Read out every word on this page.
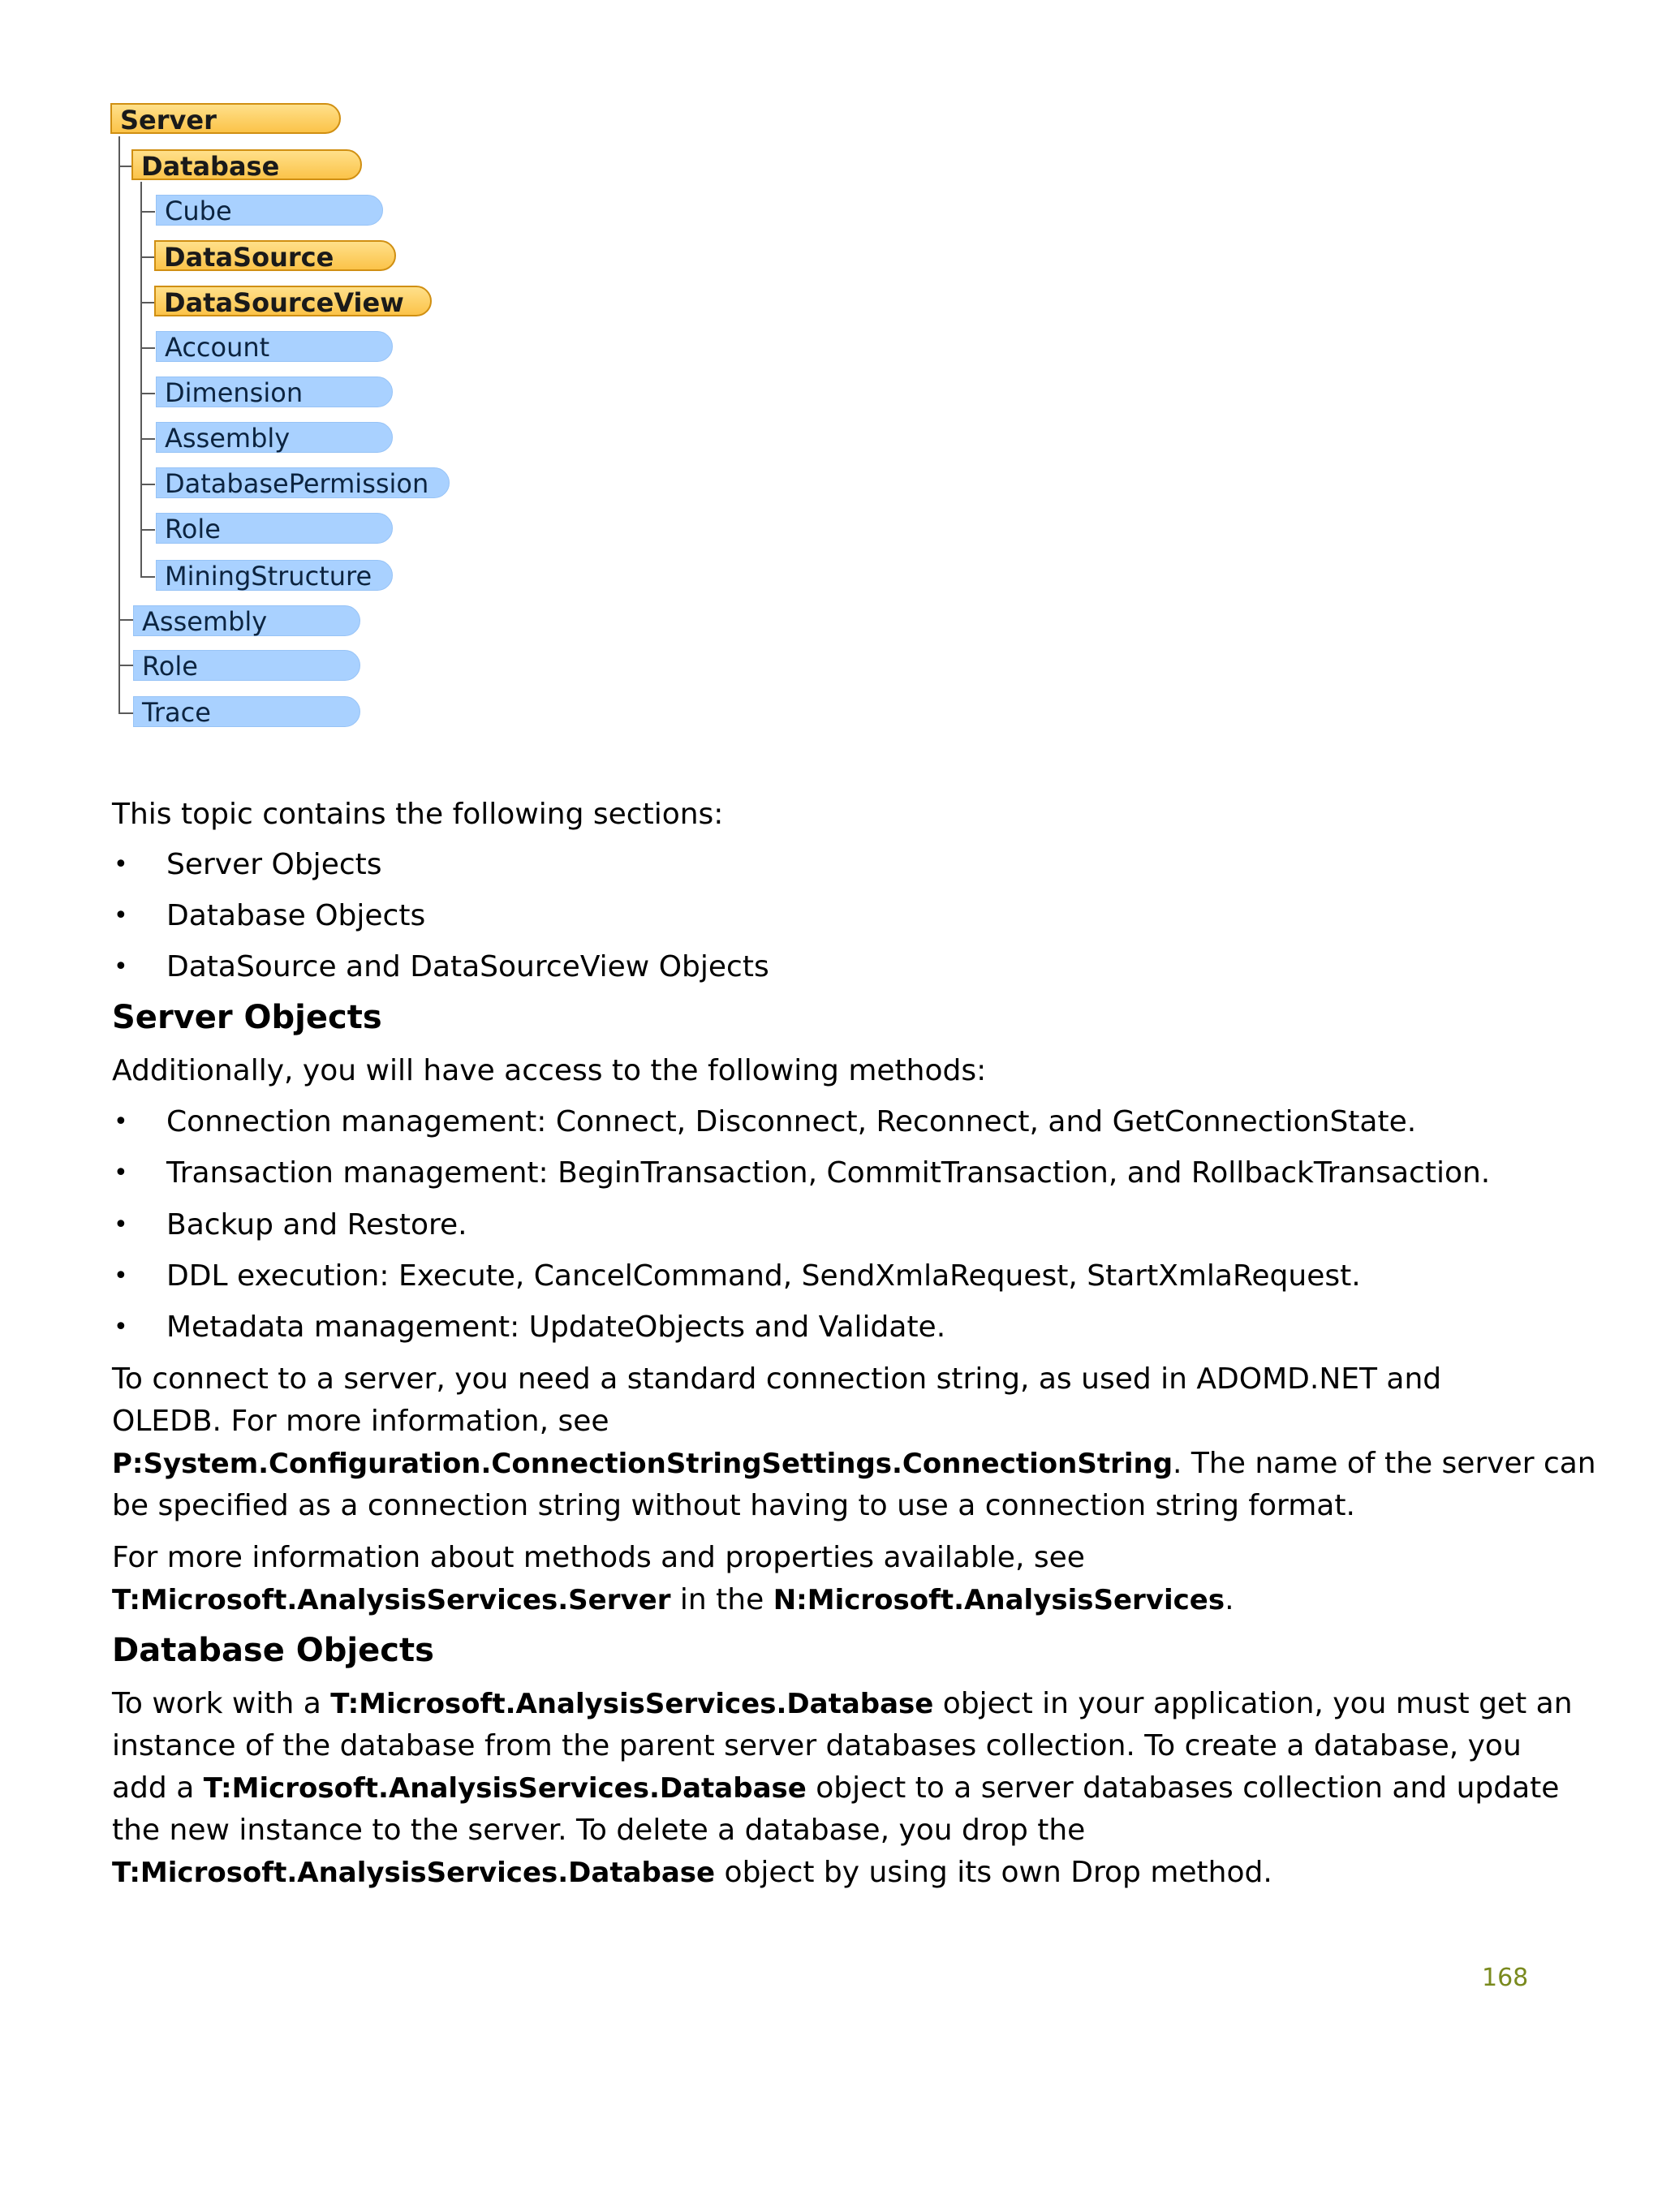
Server
Database
Cube
DataSource
DataSourceView
Account
Dimension
Assembly
DatabasePermission
Role
MiningStructure
Assembly
Role
Trace

This topic contains the following sections:

• Server Objects
• Database Objects
• DataSource and DataSourceView Objects

Server Objects

Additionally, you will have access to the following methods:

• Connection management: Connect, Disconnect, Reconnect, and GetConnectionState.
• Transaction management: BeginTransaction, CommitTransaction, and RollbackTransaction.
• Backup and Restore.
• DDL execution: Execute, CancelCommand, SendXmlaRequest, StartXmlaRequest.
• Metadata management: UpdateObjects and Validate.

To connect to a server, you need a standard connection string, as used in ADOMD.NET and

OLEDB. For more information, see

P:System.Configuration.ConnectionStringSettings.ConnectionString. The name of the server can

be specified as a connection string without having to use a connection string format.

For more information about methods and properties available, see

T:Microsoft.AnalysisServices.Server in the N:Microsoft.AnalysisServices.

Database Objects

To work with a T:Microsoft.AnalysisServices.Database object in your application, you must get an

instance of the database from the parent server databases collection. To create a database, you

add a T:Microsoft.AnalysisServices.Database object to a server databases collection and update

the new instance to the server. To delete a database, you drop the

T:Microsoft.AnalysisServices.Database object by using its own Drop method.

168
